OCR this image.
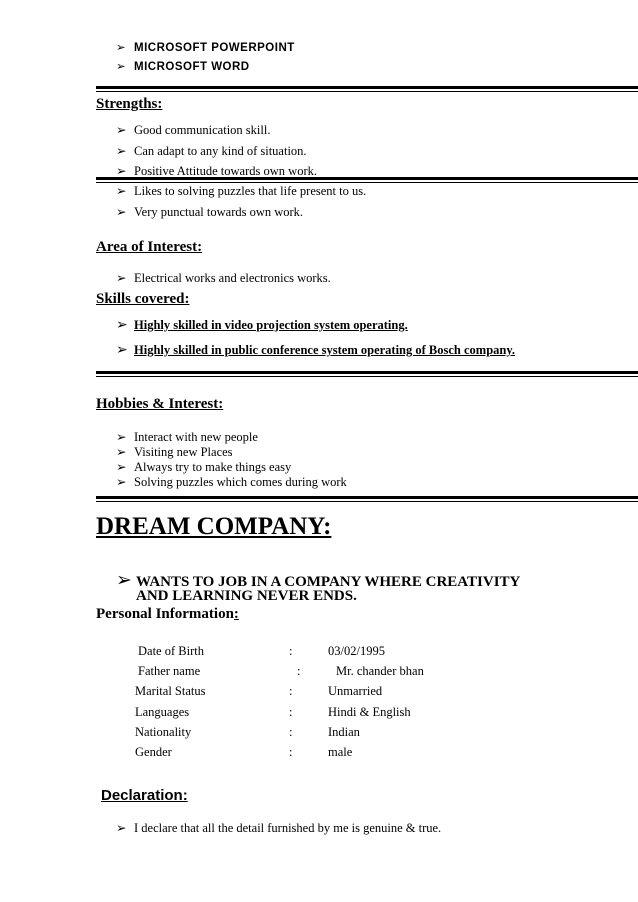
➢ MICROSOFT POWERPOINT
➢ MICROSOFT WORD
Strengths:
➢ Good communication skill.
➢ Can adapt to any kind of situation.
➢ Positive Attitude towards own work.
➢ Likes to solving puzzles that life present to us.
➢ Very punctual towards own work.
Area of Interest:
➢ Electrical works and electronics works.
Skills covered:
➢ Highly skilled in video projection system operating.
➢ Highly skilled in public conference system operating of Bosch company.
Hobbies & Interest:
➢ Interact with new people
➢ Visiting new Places
➢ Always try to make things easy
➢ Solving puzzles which comes during work
DREAM COMPANY:
➢ WANTS TO JOB IN A COMPANY WHERE CREATIVITY
AND LEARNING NEVER ENDS.
Personal Information:
Date of Birth	:	03/02/1995
Father name	:	Mr. chander bhan
Marital Status	:	Unmarried
Languages	:	Hindi & English
Nationality	:	Indian
Gender	:	male
Declaration:
➢ I declare that all the detail furnished by me is genuine & true.
